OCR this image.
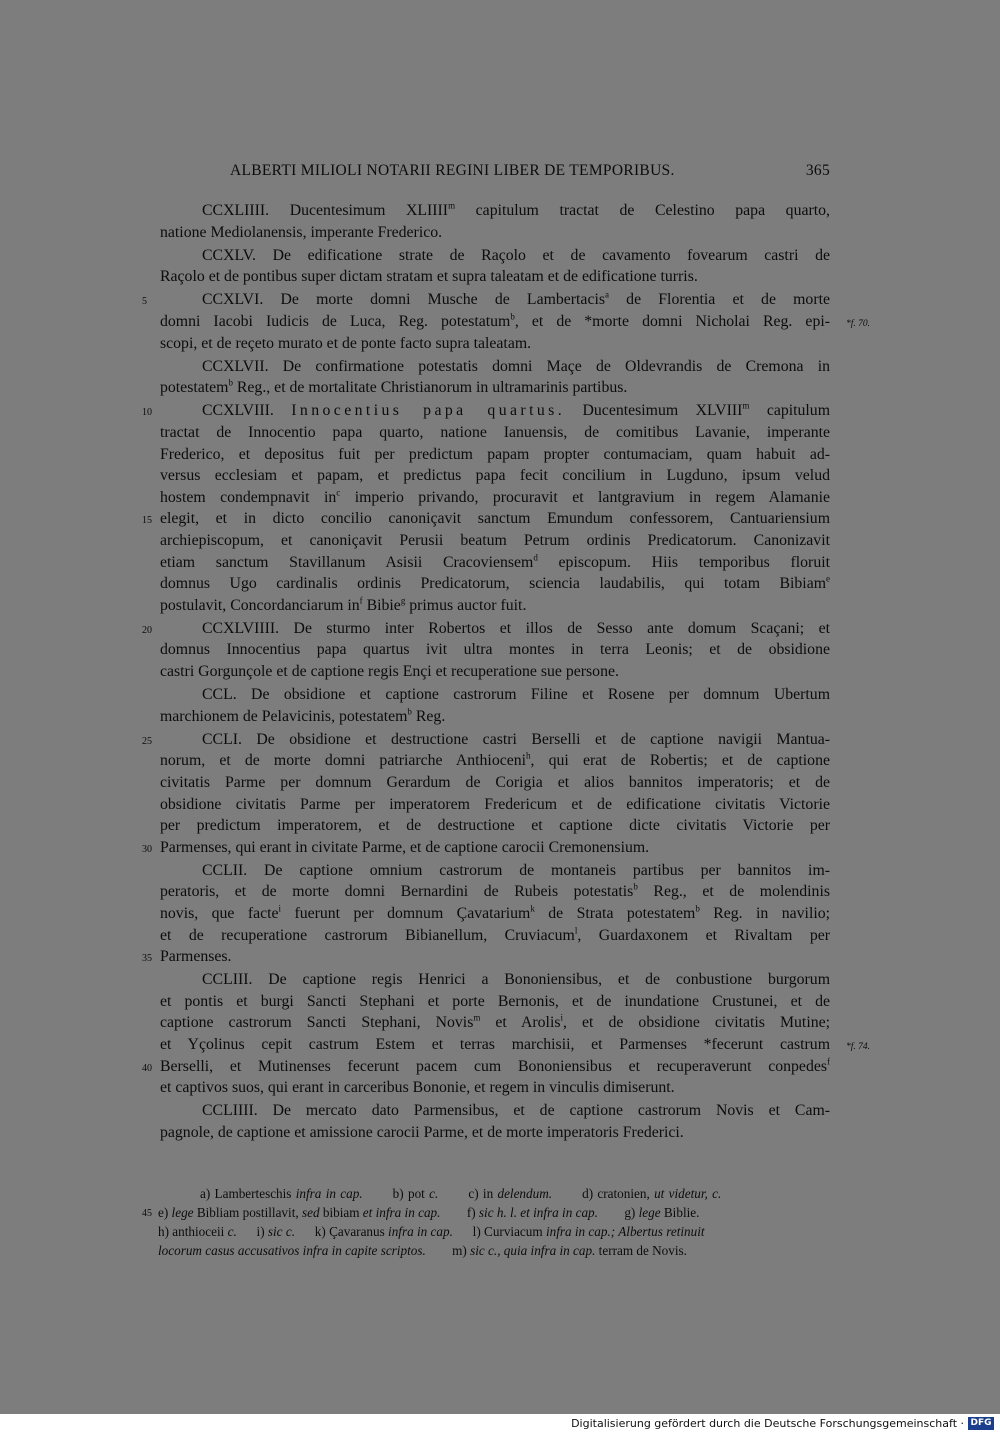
ALBERTI MILIOLI NOTARII REGINI LIBER DE TEMPORIBUS.	365
CCXLIIII. Ducentesimum XLIIII$^m$ capitulum tractat de Celestino papa quarto,
natione Mediolanensis, imperante Frederico.
CCXLV. De edificatione strate de Raçolo et de cavamento fovearum castri de
Raçolo et de pontibus super dictam stratam et supra taleatam et de edificatione turris.
5	CCXLVI. De morte domni Musche de Lambertacis$^a$ de Florentia et de morte
domni Iacobi Iudicis de Luca, Reg. potestatum$^b$, et de *morte domni Nicholai Reg. epi- *f. 70.
scopi, et de reçeto murato et de ponte facto supra taleatam.
CCXLVII. De confirmatione potestatis domni Maçe de Oldevrandis de Cremona in
potestatem$^b$ Reg., et de mortalitate Christianorum in ultramarinis partibus.
10	CCXLVIII. Innocentius papa quartus. Ducentesimum XLVIII$^m$ capitulum
tractat de Innocentio papa quarto, natione Ianuensis, de comitibus Lavanie, imperante
Frederico, et depositus fuit per predictum papam propter contumaciam, quam habuit ad-
versus ecclesiam et papam, et predictus papa fecit concilium in Lugduno, ipsum velud
hostem condempnavit $in^c$ imperio privando, procuravit et lantgravium in regem Alamanie
15 elegit, et in dicto concilio canoniçavit sanctum Emundum confessorem, Cantuariensium
archiepiscopum, et canoniçavit Perusii beatum Petrum ordinis Predicatorum. Canonizavit
etiam sanctum Stavillanum Asisii Cracoviensem$^d$ episcopum. Hiis temporibus floruit
domnus Ugo cardinalis ordinis Predicatorum, sciencia laudabilis, qui totam Bibiam$^e$
postulavit, Concordanciarum $in^f$ Bibie$^g$ primus auctor fuit.
20	CCXLVIIII. De sturmo inter Robertos et illos de Sesso ante domum Scaçani; et
domnus Innocentius papa quartus ivit ultra montes in terra Leonis; et de obsidione
castri Gorgunçole et de captione regis Ençi et recuperatione sue persone.
CCL. De obsidione et captione castrorum Filine et Rosene per domnum Ubertum
marchionem de Pelavicinis, potestatem$^b$ Reg.
25	CCLI. De obsidione et destructione castri Berselli et de captione navigii Mantua-
norum, et de morte domni patriarche Anthioceni$^h$, qui erat de Robertis; et de captione
civitatis Parme per domnum Gerardum de Corigia et alios bannitos imperatoris; et de
obsidione civitatis Parme per imperatorem Fredericum et de edificatione civitatis Victorie
per predictum imperatorem, et de destructione et captione dicte civitatis Victorie per
30 Parmenses, qui erant in civitate Parme, et de captione carocii Cremonensium.
CCLII. De captione omnium castrorum de montaneis partibus per bannitos im-
peratoris, et de morte domni Bernardini de Rubeis potestatis$^b$ Reg., et de molendinis
novis, que facte$^i$ fuerunt per domnum Çavatarium$^k$ de Strata potestatem$^b$ Reg. in navilio;
et de recuperatione castrorum Bibianellum, Cruviacum$^l$, Guardaxonem et Rivaltam per
35 Parmenses.
CCLIII. De captione regis Henrici a Bononiensibus, et de conbustione burgorum
et pontis et burgi Sancti Stephani et porte Bernonis, et de inundatione Crustunei, et de
captione castrorum Sancti Stephani, Novis$^m$ et Arolis$^i$, et de obsidione civitatis Mutine;
et Yçolinus cepit castrum Estem et terras marchisii, et Parmenses *fecerunt castrum *f. 74.
40 Berselli, et Mutinenses fecerunt pacem cum Bononiensibus et recuperaverunt conpedes$^f$
et captivos suos, qui erant in carceribus Bononie, et regem in vinculis dimiserunt.
CCLIIII. De mercato dato Parmensibus, et de captione castrorum Novis et Cam-
pagnole, de captione et amissione carocii Parme, et de morte imperatoris Frederici.
a) Lamberteschis infra in cap. b) pot c. c) in delendum. d) cratonien, ut videtur, c.
45 e) lege Bibliam postillavit, sed bibiam et infra in cap. f) sic h. l. et infra in cap. g) lege Biblie.
h) anthioceii c. i) sic c. k) Çavaranus infra in cap. l) Curviacum infra in cap.; Albertus retinuit
locorum casus accusativos infra in capite scriptos. m) sic c., quia infra in cap. terram de Novis.
Digitalisierung gefördert durch die Deutsche Forschungsgemeinschaft · DFG
